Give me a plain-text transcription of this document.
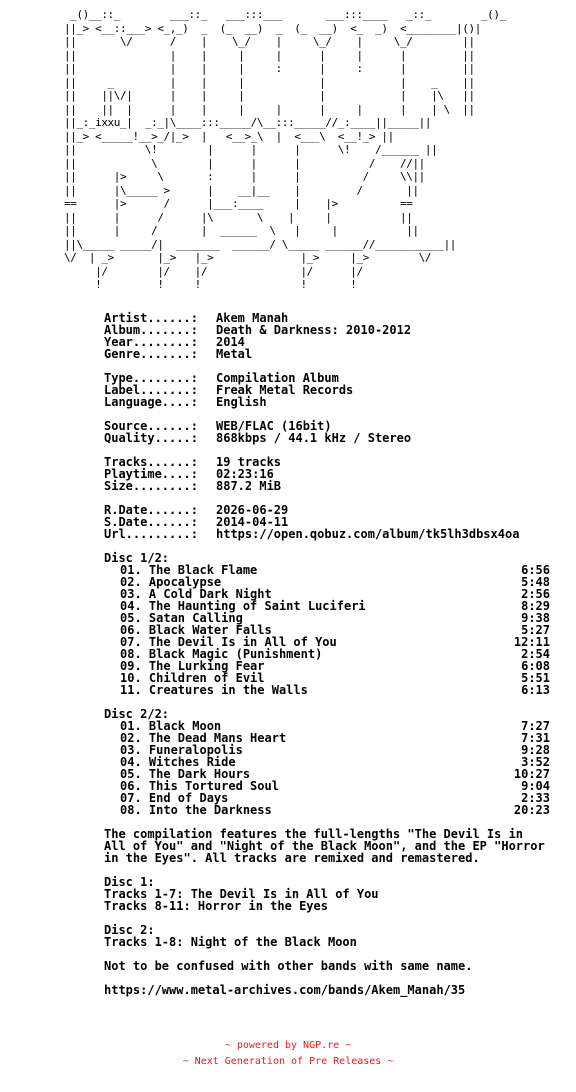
_()__::_        ___::_   ___:::___       ___:::____   _::_        _()_
||_> <__::___> <_,_)  _  (_  __)  _  (_  __)  <_  _)  <________|()|
||       \/      /    |    \_/    |     \_/    |     \_/        ||
||               |    |     |     |      |     |      |         ||
||               |    |     |     :      |     :      |         ||
||     _         |    |     |            |            |    _    ||
||    ||\/|      |    |     |            |            |    |\   ||
||    ||  |      |    |     |     |      |     |      |    | \  ||
||_:_ixxu_|  _:_|\____:::_____/\__:::_____//_:____||_____||
||_> <_____!__>_/|_>  |   <__>_\  |  <___\  <__!_> ||
||           \!        |      |      |      \!    /______ ||
||            \        |      |      |           /    //||
||      |>     \       :      |      |          /     \\||
||      |\_____ >      |    __|__    |         /       ||
==      |>      /      |___:____     |    |>          ==
||      |      /      |\       \    |     |           ||
||      |     /       |  ______  \   |     |           ||
||\_____ _____/|  _______  ______/ \_____ ______//___________||
\/  | _>       |_>   |_>              |_>     |_>        \/
|/        |/    |/               |/      |/
!         !     !                !       !
Artist......: Akem Manah
Album.......: Death & Darkness: 2010-2012
Year........: 2014
Genre.......: Metal
Type........: Compilation Album
Label.......: Freak Metal Records
Language....: English
Source......: WEB/FLAC (16bit)
Quality.....: 868kbps / 44.1 kHz / Stereo
Tracks......: 19 tracks
Playtime....: 02:23:16
Size........: 887.2 MiB
R.Date......: 2026-06-29
S.Date......: 2014-04-11
Url.........: https://open.qobuz.com/album/tk5lh3dbsx4oa
Disc 1/2:
01. The Black Flame	6:56
02. Apocalypse	5:48
03. A Cold Dark Night	2:56
04. The Haunting of Saint Luciferi	8:29
05. Satan Calling	9:38
06. Black Water Falls	5:27
07. The Devil Is in All of You	12:11
08. Black Magic (Punishment)	2:54
09. The Lurking Fear	6:08
10. Children of Evil	5:51
11. Creatures in the Walls	6:13
Disc 2/2:
01. Black Moon	7:27
02. The Dead Mans Heart	7:31
03. Funeralopolis	9:28
04. Witches Ride	3:52
05. The Dark Hours	10:27
06. This Tortured Soul	9:04
07. End of Days	2:33
08. Into the Darkness	20:23
The compilation features the full-lengths "The Devil Is in All of You" and "Night of the Black Moon", and the EP "Horror in the Eyes". All tracks are remixed and remastered.
Disc 1:
Tracks 1-7: The Devil Is in All of You
Tracks 8-11: Horror in the Eyes
Disc 2:
Tracks 1-8: Night of the Black Moon
Not to be confused with other bands with same name.
https://www.metal-archives.com/bands/Akem_Manah/35
~ powered by NGP.re ~
~ Next Generation of Pre Releases ~
